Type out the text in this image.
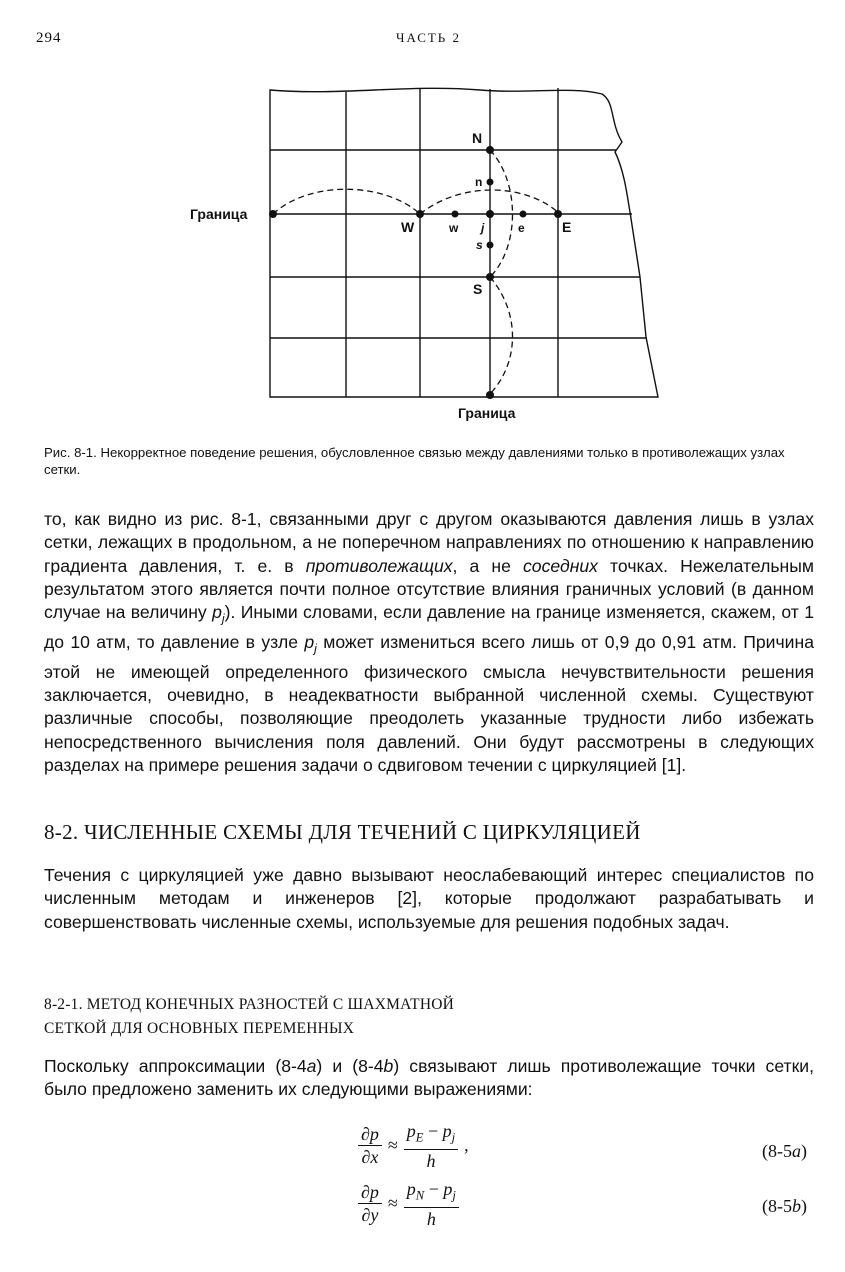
294	ЧАСТЬ 2
Граница
Граница
N
n
W	w j	e	E
s
S
Рис. 8-1. Некорректное поведение решения, обусловленное связью между давлениями только в противолежащих узлах сетки.

то, как видно из рис. 8-1, связанными друг с другом оказываются давления лишь в узлах сетки, лежащих в продольном, а не поперечном направлениях по отношению к направлению градиента давления, т. е. в противолежащих, а не соседних точках. Нежелательным результатом этого является почти полное отсутствие влияния граничных условий (в данном случае на величину $p_j$). Иными словами, если давление на границе изменяется, скажем, от 1 до 10 атм, то давление в узле $p_j$ может измениться всего лишь от 0,9 до 0,91 атм. Причина этой не имеющей определенного физического смысла нечувствительности решения заключается, очевидно, в неадекватности выбранной численной схемы. Существуют различные способы, позволяющие преодолеть указанные трудности либо избежать непосредственного вычисления поля давлений. Они будут рассмотрены в следующих разделах на примере решения задачи о сдвиговом течении с циркуляцией [1].

8-2. ЧИСЛЕННЫЕ СХЕМЫ ДЛЯ ТЕЧЕНИЙ С ЦИРКУЛЯЦИЕЙ

Течения с циркуляцией уже давно вызывают неослабевающий интерес специалистов по численным методам и инженеров [2], которые продолжают разрабатывать и совершенствовать численные схемы, используемые для решения подобных задач.

8-2-1. МЕТОД КОНЕЧНЫХ РАЗНОСТЕЙ С ШАХМАТНОЙ
СЕТКОЙ ДЛЯ ОСНОВНЫХ ПЕРЕМЕННЫХ

Поскольку аппроксимации (8-4a) и (8-4b) связывают лишь противолежащие точки сетки, было предложено заменить их следующими выражениями:

$\frac{\partial p}{\partial x} \approx \frac{p_E - p_j}{h}$ ,	(8-5a)
$\frac{\partial p}{\partial y} \approx \frac{p_N - p_j}{h}$	(8-5b)
